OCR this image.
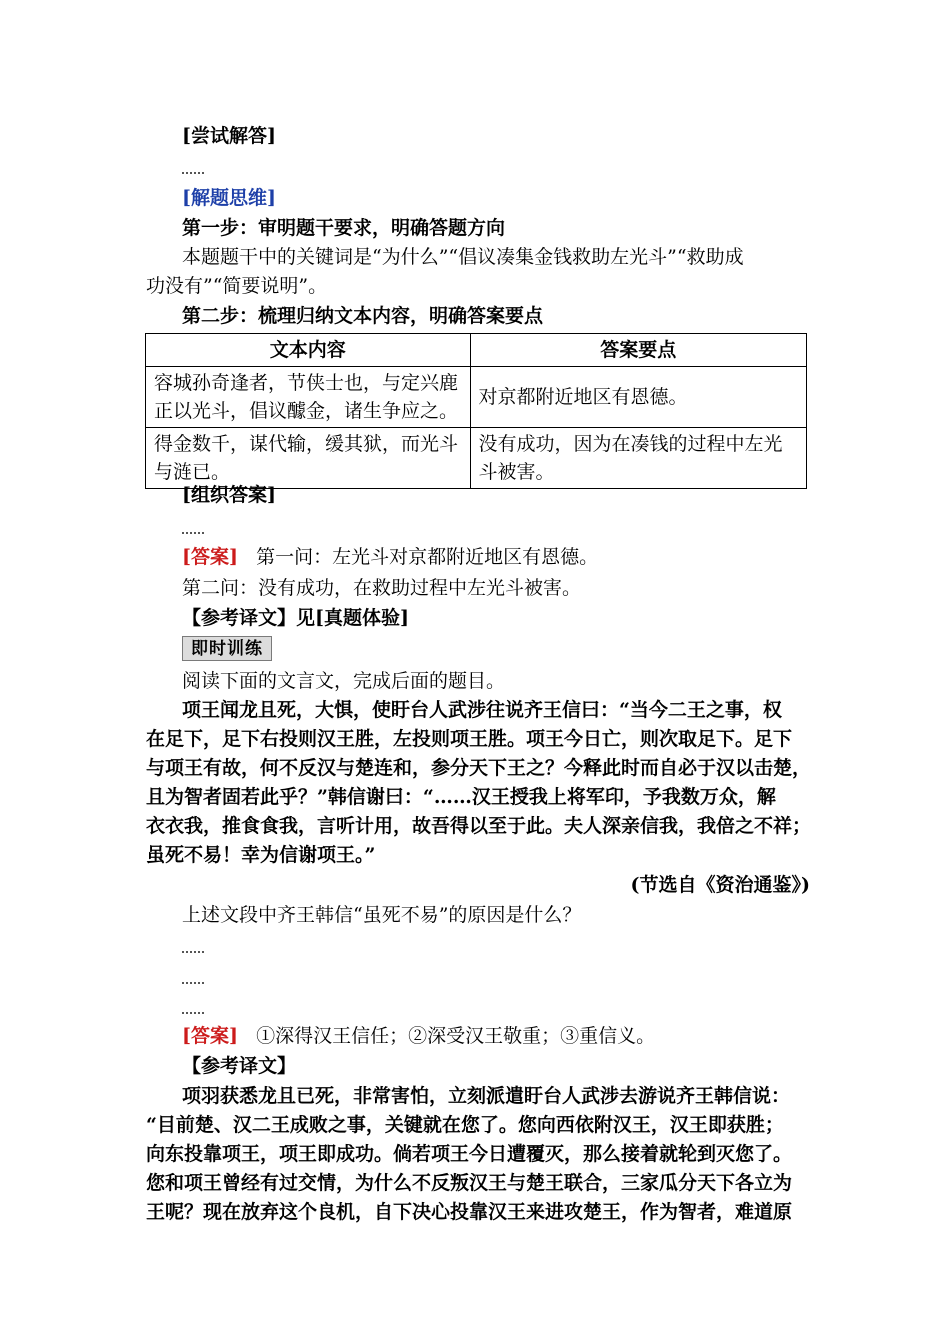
[尝试解答]
[解题思维]
第一步：审明题干要求，明确答题方向
本题题干中的关键词是“为什么”“倡议凑集金钱救助左光斗”“救助成
功没有”“简要说明”。
第二步：梳理归纳文本内容，明确答案要点
文本内容	答案要点
容城孙奇逢者，节侠士也，与定兴鹿正以光斗，倡议醵金，诸生争应之。	对京都附近地区有恩德。
得金数千，谋代输，缓其狱，而光斗与涟已。	没有成功，因为在凑钱的过程中左光斗被害。
[组织答案]
[答案] 第一问：左光斗对京都附近地区有恩德。
第二问：没有成功，在救助过程中左光斗被害。
【参考译文】见[真题体验]
即时训练
阅读下面的文言文，完成后面的题目。
项王闻龙且死，大惧，使盱台人武涉往说齐王信曰：“当今二王之事，权
在足下，足下右投则汉王胜，左投则项王胜。项王今日亡，则次取足下。足下
与项王有故，何不反汉与楚连和，参分天下王之？今释此时而自必于汉以击楚，
且为智者固若此乎？”韩信谢曰：“……汉王授我上将军印，予我数万众，解
衣衣我，推食食我，言听计用，故吾得以至于此。夫人深亲信我，我倍之不祥；
虽死不易！幸为信谢项王。”
(节选自《资治通鉴》)
上述文段中齐王韩信“虽死不易”的原因是什么？
[答案] ①深得汉王信任；②深受汉王敬重；③重信义。
【参考译文】
项羽获悉龙且已死，非常害怕，立刻派遣盱台人武涉去游说齐王韩信说：
“目前楚、汉二王成败之事，关键就在您了。您向西依附汉王，汉王即获胜；
向东投靠项王，项王即成功。倘若项王今日遭覆灭，那么接着就轮到灭您了。
您和项王曾经有过交情，为什么不反叛汉王与楚王联合，三家瓜分天下各立为
王呢？现在放弃这个良机，自下决心投靠汉王来进攻楚王，作为智者，难道原
